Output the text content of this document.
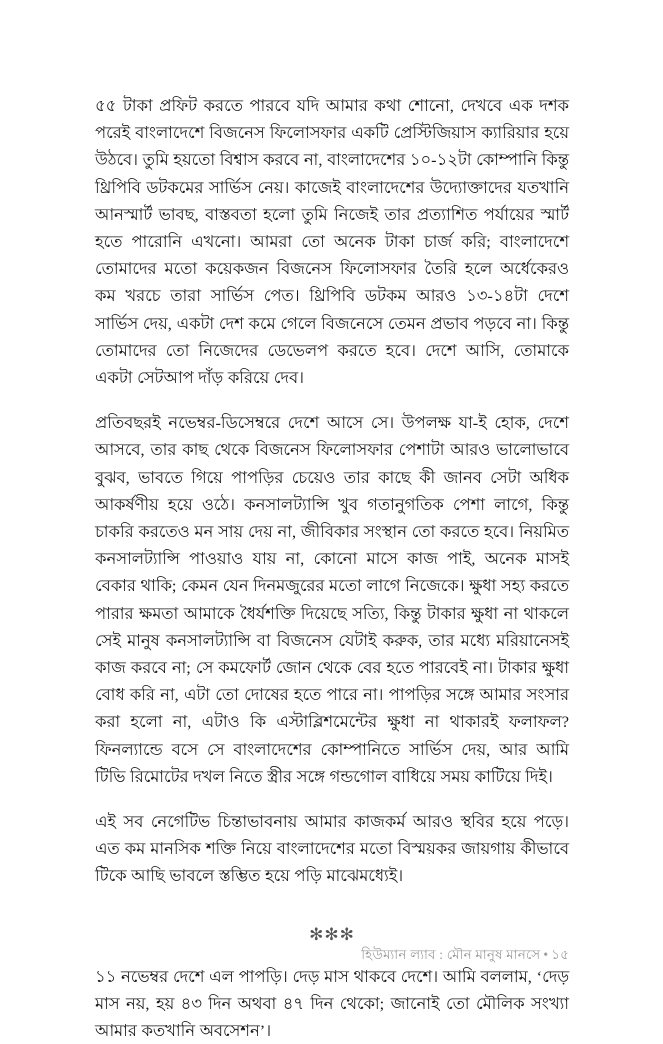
৫৫ টাকা প্রফিট করতে পারবে যদি আমার কথা শোনো, দেখবে এক দশক পরেই বাংলাদেশে বিজনেস ফিলোসফার একটি প্রেস্টিজিয়াস ক্যারিয়ার হয়ে উঠবে। তুমি হয়তো বিশ্বাস করবে না, বাংলাদেশের ১০-১২টা কোম্পানি কিন্তু থ্রিপিবি ডটকমের সার্ভিস নেয়। কাজেই বাংলাদেশের উদ্যোক্তাদের যতখানি আনস্মার্ট ভাবছ, বাস্তবতা হলো তুমি নিজেই তার প্রত্যাশিত পর্যায়ের স্মার্ট হতে পারোনি এখনো। আমরা তো অনেক টাকা চার্জ করি; বাংলাদেশে তোমাদের মতো কয়েকজন বিজনেস ফিলোসফার তৈরি হলে অর্ধেকেরও কম খরচে তারা সার্ভিস পেত। থ্রিপিবি ডটকম আরও ১৩-১৪টা দেশে সার্ভিস দেয়, একটা দেশ কমে গেলে বিজনেসে তেমন প্রভাব পড়বে না। কিন্তু তোমাদের তো নিজেদের ডেভেলপ করতে হবে। দেশে আসি, তোমাকে একটা সেটআপ দাঁড় করিয়ে দেব।

প্রতিবছরই নভেম্বর-ডিসেম্বরে দেশে আসে সে। উপলক্ষ যা-ই হোক, দেশে আসবে, তার কাছ থেকে বিজনেস ফিলোসফার পেশাটা আরও ভালোভাবে বুঝব, ভাবতে গিয়ে পাপড়ির চেয়েও তার কাছে কী জানব সেটা অধিক আকর্ষণীয় হয়ে ওঠে। কনসালট্যান্সি খুব গতানুগতিক পেশা লাগে, কিন্তু চাকরি করতেও মন সায় দেয় না, জীবিকার সংস্থান তো করতে হবে। নিয়মিত কনসালট্যান্সি পাওয়াও যায় না, কোনো মাসে কাজ পাই, অনেক মাসই বেকার থাকি; কেমন যেন দিনমজুরের মতো লাগে নিজেকে। ক্ষুধা সহ্য করতে পারার ক্ষমতা আমাকে ধৈর্যশক্তি দিয়েছে সত্যি, কিন্তু টাকার ক্ষুধা না থাকলে সেই মানুষ কনসালট্যান্সি বা বিজনেস যেটাই করুক, তার মধ্যে মরিয়ানেসই কাজ করবে না; সে কমফোর্ট জোন থেকে বের হতে পারবেই না। টাকার ক্ষুধা বোধ করি না, এটা তো দোষের হতে পারে না। পাপড়ির সঙ্গে আমার সংসার করা হলো না, এটাও কি এস্টাব্লিশমেন্টের ক্ষুধা না থাকারই ফলাফল? ফিনল্যান্ডে বসে সে বাংলাদেশের কোম্পানিতে সার্ভিস দেয়, আর আমি টিভি রিমোটের দখল নিতে স্ত্রীর সঙ্গে গন্ডগোল বাধিয়ে সময় কাটিয়ে দিই।

এই সব নেগেটিভ চিন্তাভাবনায় আমার কাজকর্ম আরও স্থবির হয়ে পড়ে। এত কম মানসিক শক্তি নিয়ে বাংলাদেশের মতো বিস্ময়কর জায়গায় কীভাবে টিকে আছি ভাবলে স্তম্ভিত হয়ে পড়ি মাঝেমধ্যেই।

✻✻✻

১১ নভেম্বর দেশে এল পাপড়ি। দেড় মাস থাকবে দেশে। আমি বললাম, ‘দেড় মাস নয়, হয় ৪৩ দিন অথবা ৪৭ দিন থেকো; জানোই তো মৌলিক সংখ্যা আমার কতখানি অবসেশন’।

হিউম্যান ল্যাব : মৌন মানুষ মানসে • ১৫
